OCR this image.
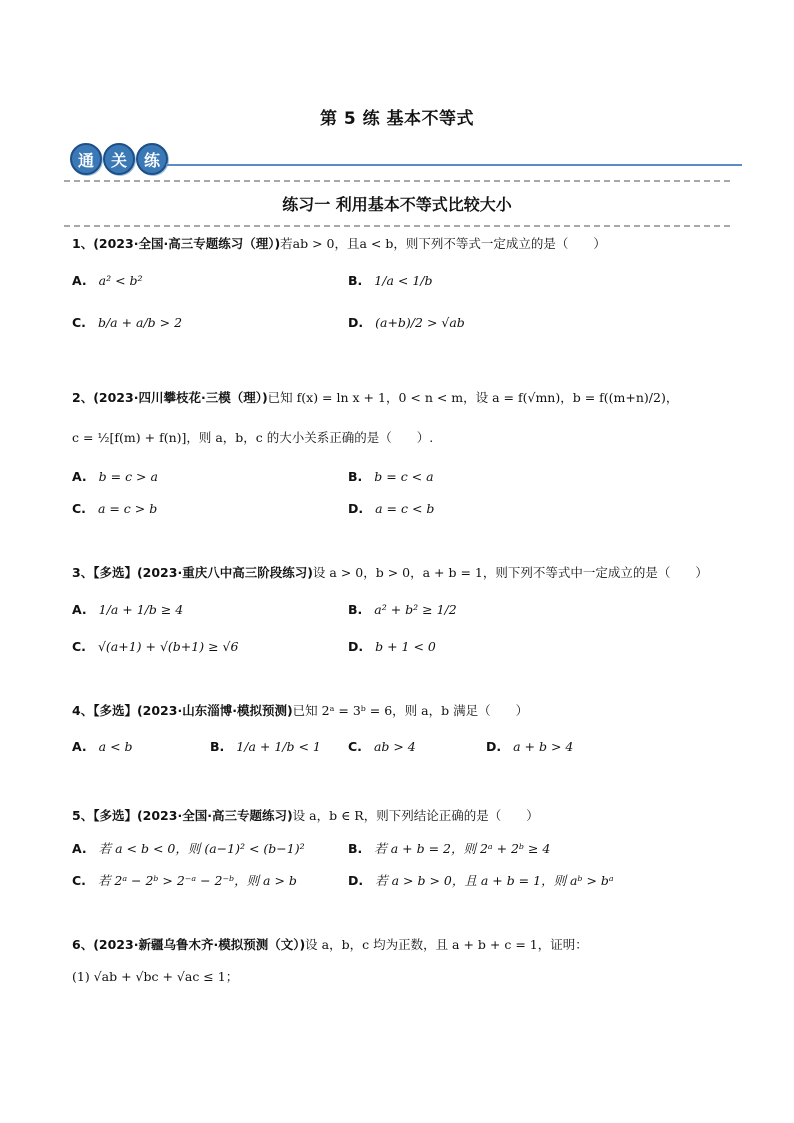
第 5 练 基本不等式
通 关 练
练习一 利用基本不等式比较大小
1、(2023·全国·高三专题练习（理）)若ab > 0，且a < b，则下列不等式一定成立的是（　　）
A. a² < b²	B. 1/a < 1/b
C. b/a + a/b > 2	D. (a+b)/2 > √ab
2、(2023·四川攀枝花·三模（理）)已知 f(x) = ln x + 1，0 < n < m，设 a = f(√mn)，b = f((m+n)/2)，
c = ½[f(m) + f(n)]，则 a，b，c 的大小关系正确的是（　　）.
A. b = c > a	B. b = c < a
C. a = c > b	D. a = c < b
3、【多选】(2023·重庆八中高三阶段练习)设 a > 0，b > 0，a + b = 1，则下列不等式中一定成立的是（　　）
A. 1/a + 1/b ≥ 4	B. a² + b² ≥ 1/2
C. √(a+1) + √(b+1) ≥ √6	D. b + 1 < 0
4、【多选】(2023·山东淄博·模拟预测)已知 2ᵃ = 3ᵇ = 6，则 a，b 满足（　　）
A. a < b	B. 1/a + 1/b < 1 C. ab > 4	D. a + b > 4
5、【多选】(2023·全国·高三专题练习)设 a，b ∈ R，则下列结论正确的是（　　）
A. 若 a < b < 0，则 (a−1)² < (b−1)²	B. 若 a + b = 2，则 2ᵃ + 2ᵇ ≥ 4
C. 若 2ᵃ − 2ᵇ > 2⁻ᵃ − 2⁻ᵇ，则 a > b	D. 若 a > b > 0，且 a + b = 1，则 aᵇ > bᵃ
6、(2023·新疆乌鲁木齐·模拟预测（文）)设 a，b，c 均为正数，且 a + b + c = 1，证明：
(1) √ab + √bc + √ac ≤ 1；
